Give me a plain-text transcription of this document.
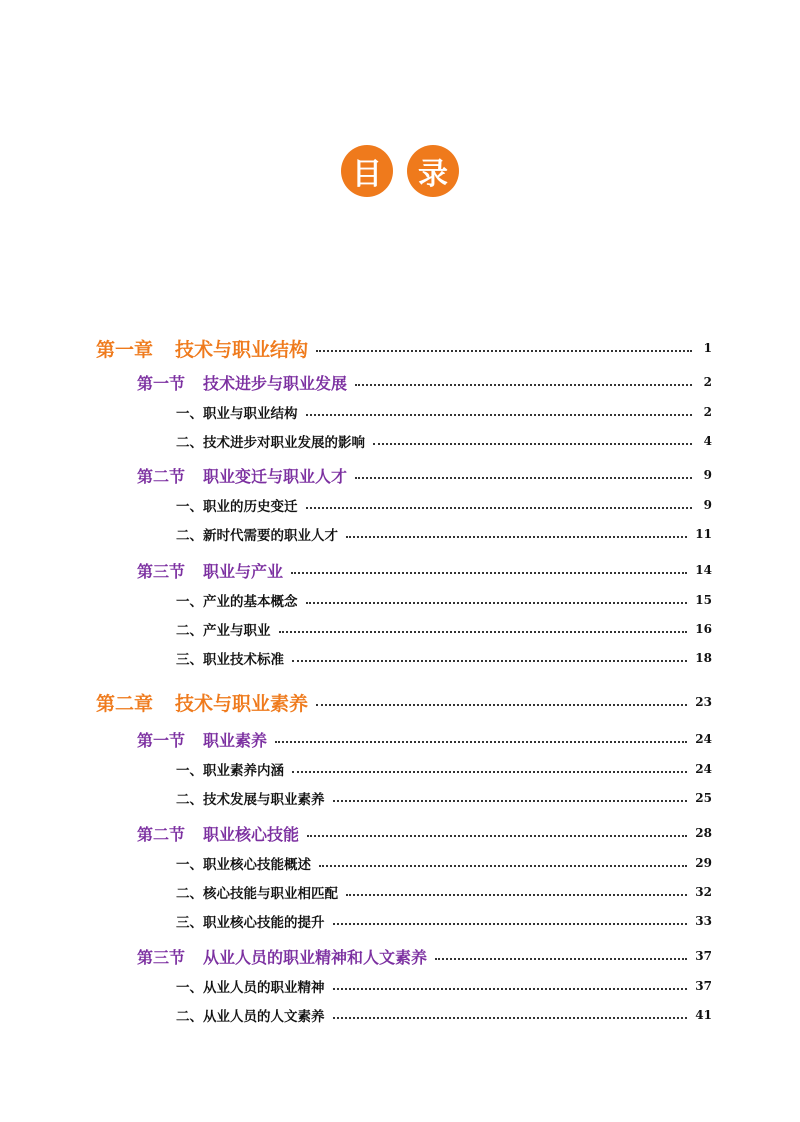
目	录
第一章 技术与职业结构	1
第一节 技术进步与职业发展	2
一、职业与职业结构	2
二、技术进步对职业发展的影响	4
第二节 职业变迁与职业人才	9
一、职业的历史变迁	9
二、新时代需要的职业人才	11
第三节 职业与产业	14
一、产业的基本概念	15
二、产业与职业	16
三、职业技术标准	18
第二章 技术与职业素养	23
第一节 职业素养	24
一、职业素养内涵	24
二、技术发展与职业素养	25
第二节 职业核心技能	28
一、职业核心技能概述	29
二、核心技能与职业相匹配	32
三、职业核心技能的提升	33
第三节 从业人员的职业精神和人文素养	37
一、从业人员的职业精神	37
二、从业人员的人文素养	41
